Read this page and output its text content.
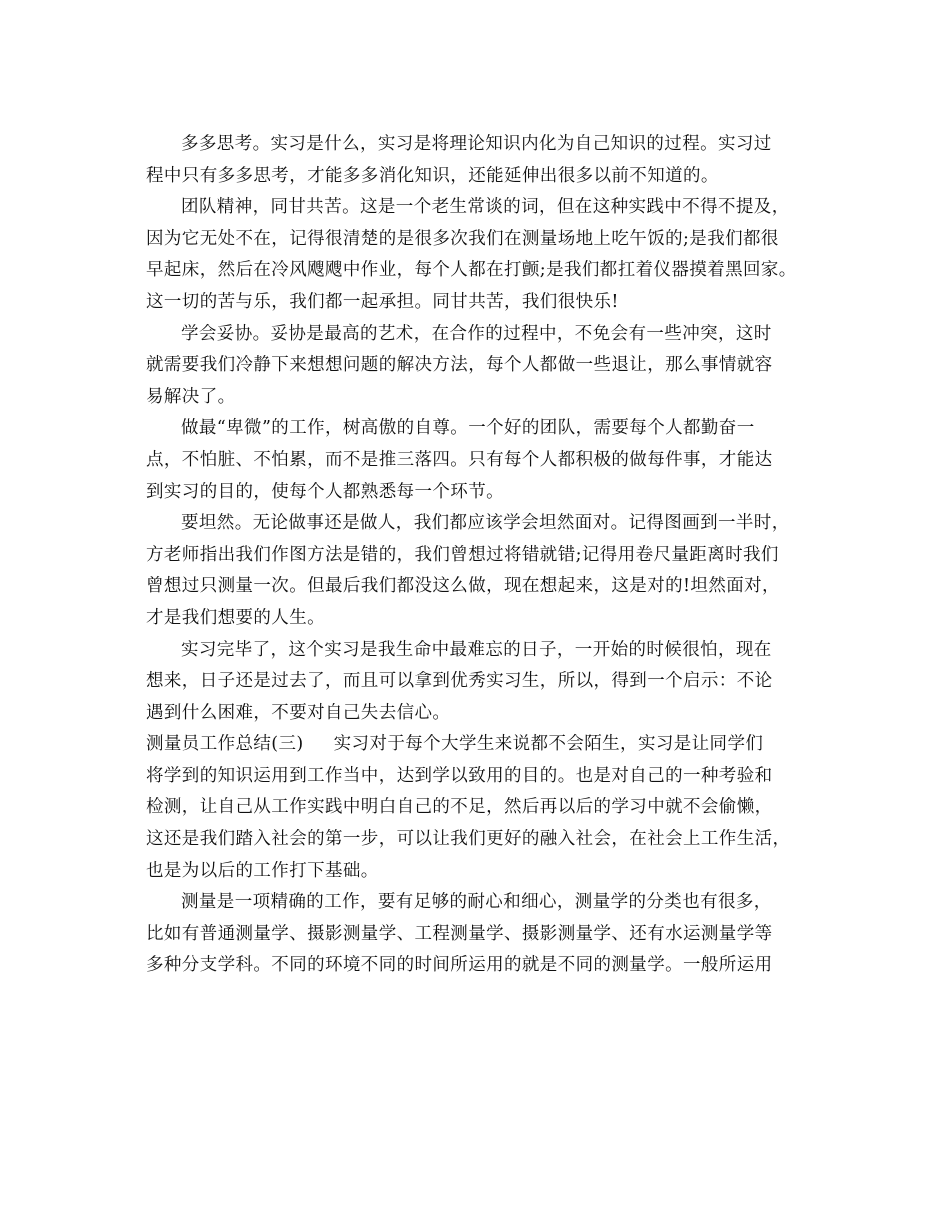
多多思考。实习是什么，实习是将理论知识内化为自己知识的过程。实习过
程中只有多多思考，才能多多消化知识，还能延伸出很多以前不知道的。
团队精神，同甘共苦。这是一个老生常谈的词，但在这种实践中不得不提及，
因为它无处不在，记得很清楚的是很多次我们在测量场地上吃午饭的;是我们都很
早起床，然后在冷风飕飕中作业，每个人都在打颤;是我们都扛着仪器摸着黑回家。
这一切的苦与乐，我们都一起承担。同甘共苦，我们很快乐!
学会妥协。妥协是最高的艺术，在合作的过程中，不免会有一些冲突，这时
就需要我们冷静下来想想问题的解决方法，每个人都做一些退让，那么事情就容
易解决了。
做最“卑微”的工作，树高傲的自尊。一个好的团队，需要每个人都勤奋一
点，不怕脏、不怕累，而不是推三落四。只有每个人都积极的做每件事，才能达
到实习的目的，使每个人都熟悉每一个环节。
要坦然。无论做事还是做人，我们都应该学会坦然面对。记得图画到一半时，
方老师指出我们作图方法是错的，我们曾想过将错就错;记得用卷尺量距离时我们
曾想过只测量一次。但最后我们都没这么做，现在想起来，这是对的!坦然面对，
才是我们想要的人生。
实习完毕了，这个实习是我生命中最难忘的日子，一开始的时候很怕，现在
想来，日子还是过去了，而且可以拿到优秀实习生，所以，得到一个启示：不论
遇到什么困难，不要对自己失去信心。
测量员工作总结(三) 实习对于每个大学生来说都不会陌生，实习是让同学们
将学到的知识运用到工作当中，达到学以致用的目的。也是对自己的一种考验和
检测，让自己从工作实践中明白自己的不足，然后再以后的学习中就不会偷懒，
这还是我们踏入社会的第一步，可以让我们更好的融入社会，在社会上工作生活，
也是为以后的工作打下基础。
测量是一项精确的工作，要有足够的耐心和细心，测量学的分类也有很多，
比如有普通测量学、摄影测量学、工程测量学、摄影测量学、还有水运测量学等
多种分支学科。不同的环境不同的时间所运用的就是不同的测量学。一般所运用
